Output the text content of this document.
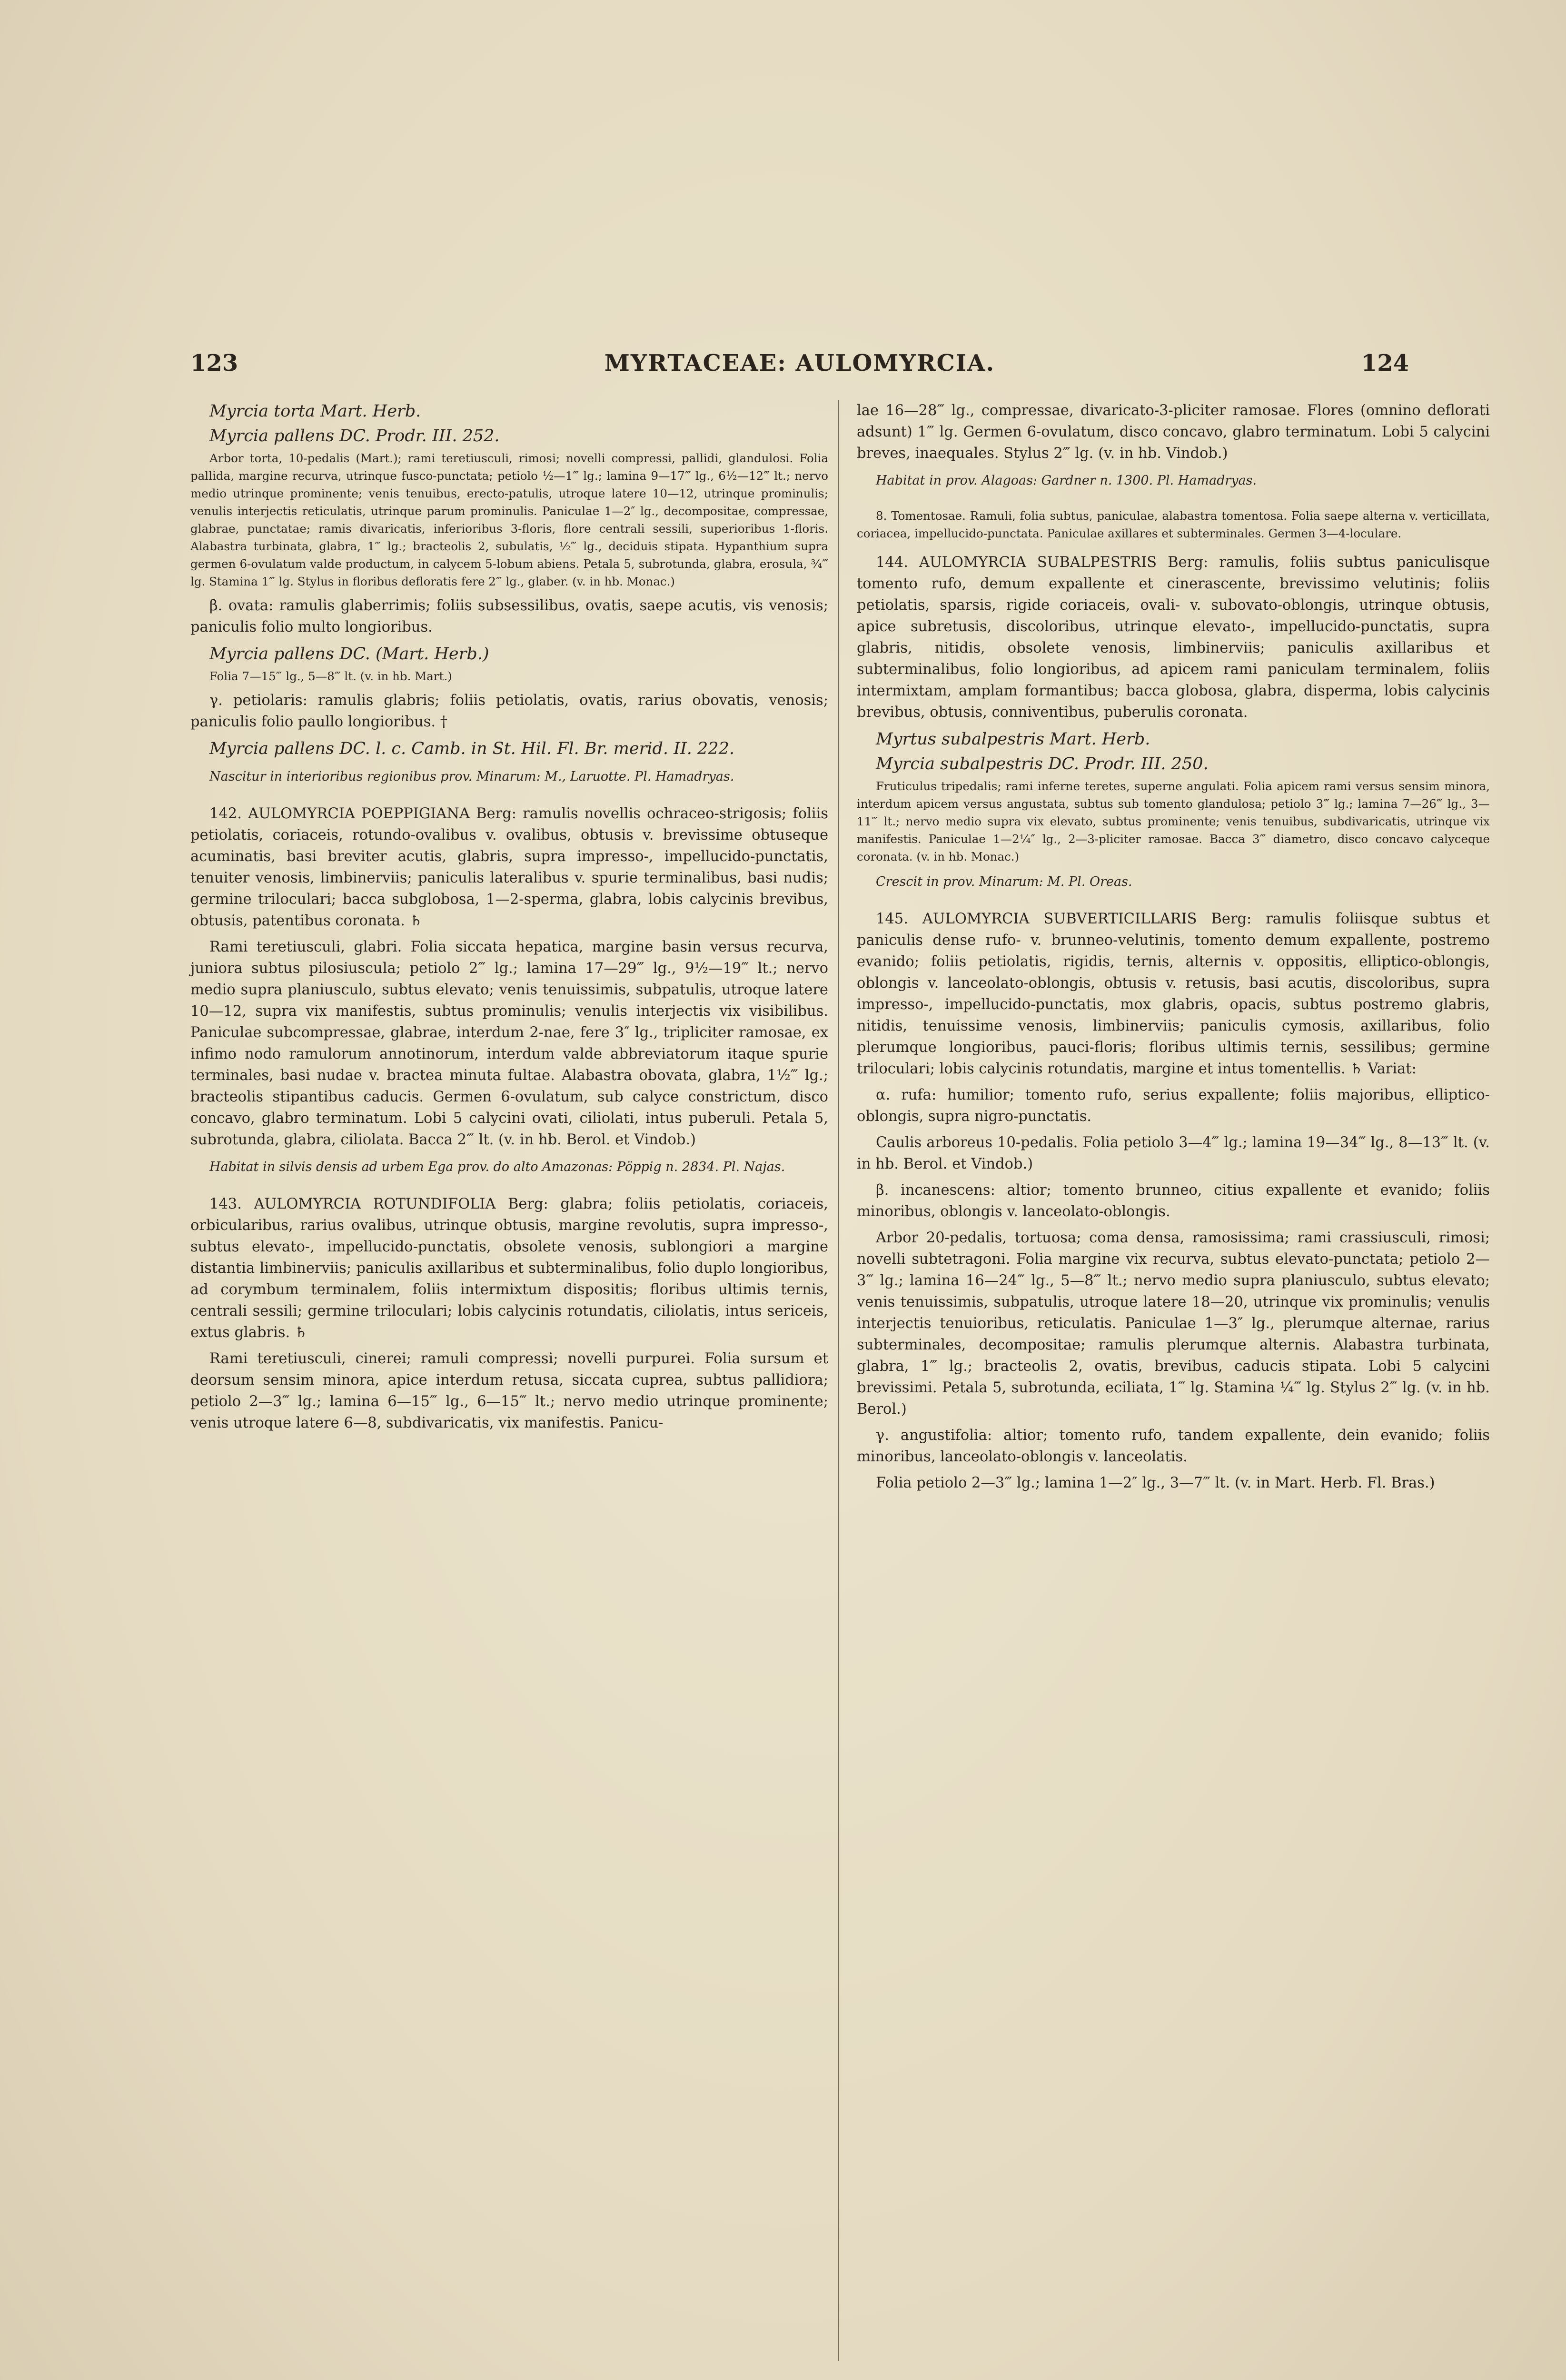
123	MYRTACEAE: AULOMYRCIA.	124

Myrcia torta Mart. Herb.

Myrcia pallens DC. Prodr. III. 252.

Arbor torta, 10-pedalis (Mart.); rami teretiusculi, rimosi; novelli compressi, pallidi, glandulosi. Folia pallida, margine recurva, utrinque fusco-punctata; petiolo ½—1‴ lg.; lamina 9—17‴ lg., 6½—12‴ lt.; nervo medio utrinque prominente; venis tenuibus, erecto-patulis, utroque latere 10—12, utrinque prominulis; venulis interjectis reticulatis, utrinque parum prominulis. Paniculae 1—2″ lg., decompositae, compressae, glabrae, punctatae; ramis divaricatis, inferioribus 3-floris, flore centrali sessili, superioribus 1-floris. Alabastra turbinata, glabra, 1‴ lg.; bracteolis 2, subulatis, ½‴ lg., deciduis stipata. Hypanthium supra germen 6-ovulatum valde productum, in calycem 5-lobum abiens. Petala 5, subrotunda, glabra, erosula, ¾‴ lg. Stamina 1‴ lg. Stylus in floribus defloratis fere 2‴ lg., glaber. (v. in hb. Monac.)

β. ovata: ramulis glaberrimis; foliis subsessilibus, ovatis, saepe acutis, vis venosis; paniculis folio multo longioribus.

Myrcia pallens DC. (Mart. Herb.)

Folia 7—15‴ lg., 5—8‴ lt. (v. in hb. Mart.)

γ. petiolaris: ramulis glabris; foliis petiolatis, ovatis, rarius obovatis, venosis; paniculis folio paullo longioribus. †

Myrcia pallens DC. l. c. Camb. in St. Hil. Fl. Br. merid. II. 222.

Nascitur in interioribus regionibus prov. Minarum: M., Laruotte. Pl. Hamadryas.

142. AULOMYRCIA POEPPIGIANA Berg: ramulis novellis ochraceo-strigosis; foliis petiolatis, coriaceis, rotundo-ovalibus v. ovalibus, obtusis v. brevissime obtuseque acuminatis, basi breviter acutis, glabris, supra impresso-, impellucido-punctatis, tenuiter venosis, limbinerviis; paniculis lateralibus v. spurie terminalibus, basi nudis; germine triloculari; bacca subglobosa, 1—2-sperma, glabra, lobis calycinis brevibus, obtusis, patentibus coronata. ♄

Rami teretiusculi, glabri. Folia siccata hepatica, margine basin versus recurva, juniora subtus pilosiuscula; petiolo 2‴ lg.; lamina 17—29‴ lg., 9½—19‴ lt.; nervo medio supra planiusculo, subtus elevato; venis tenuissimis, subpatulis, utroque latere 10—12, supra vix manifestis, subtus prominulis; venulis interjectis vix visibilibus. Paniculae subcompressae, glabrae, interdum 2-nae, fere 3″ lg., tripliciter ramosae, ex infimo nodo ramulorum annotinorum, interdum valde abbreviatorum itaque spurie terminales, basi nudae v. bractea minuta fultae. Alabastra obovata, glabra, 1½‴ lg.; bracteolis stipantibus caducis. Germen 6-ovulatum, sub calyce constrictum, disco concavo, glabro terminatum. Lobi 5 calycini ovati, ciliolati, intus puberuli. Petala 5, subrotunda, glabra, ciliolata. Bacca 2‴ lt. (v. in hb. Berol. et Vindob.)

Habitat in silvis densis ad urbem Ega prov. do alto Amazonas: Pöppig n. 2834. Pl. Najas.

143. AULOMYRCIA ROTUNDIFOLIA Berg: glabra; foliis petiolatis, coriaceis, orbicularibus, rarius ovalibus, utrinque obtusis, margine revolutis, supra impresso-, subtus elevato-, impellucido-punctatis, obsolete venosis, sublongiori a margine distantia limbinerviis; paniculis axillaribus et subterminalibus, folio duplo longioribus, ad corymbum terminalem, foliis intermixtum dispositis; floribus ultimis ternis, centrali sessili; germine triloculari; lobis calycinis rotundatis, ciliolatis, intus sericeis, extus glabris. ♄

Rami teretiusculi, cinerei; ramuli compressi; novelli purpurei. Folia sursum et deorsum sensim minora, apice interdum retusa, siccata cuprea, subtus pallidiora; petiolo 2—3‴ lg.; lamina 6—15‴ lg., 6—15‴ lt.; nervo medio utrinque prominente; venis utroque latere 6—8, subdivaricatis, vix manifestis. Panicu-

lae 16—28‴ lg., compressae, divaricato-3-pliciter ramosae. Flores (omnino deflorati adsunt) 1‴ lg. Germen 6-ovulatum, disco concavo, glabro terminatum. Lobi 5 calycini breves, inaequales. Stylus 2‴ lg. (v. in hb. Vindob.)

Habitat in prov. Alagoas: Gardner n. 1300. Pl. Hamadryas.

8. Tomentosae. Ramuli, folia subtus, paniculae, alabastra tomentosa. Folia saepe alterna v. verticillata, coriacea, impellucido-punctata. Paniculae axillares et subterminales. Germen 3—4-loculare.

144. AULOMYRCIA SUBALPESTRIS Berg: ramulis, foliis subtus paniculisque tomento rufo, demum expallente et cinerascente, brevissimo velutinis; foliis petiolatis, sparsis, rigide coriaceis, ovali- v. subovato-oblongis, utrinque obtusis, apice subretusis, discoloribus, utrinque elevato-, impellucido-punctatis, supra glabris, nitidis, obsolete venosis, limbinerviis; paniculis axillaribus et subterminalibus, folio longioribus, ad apicem rami paniculam terminalem, foliis intermixtam, amplam formantibus; bacca globosa, glabra, disperma, lobis calycinis brevibus, obtusis, conniventibus, puberulis coronata.

Myrtus subalpestris Mart. Herb.

Myrcia subalpestris DC. Prodr. III. 250.

Fruticulus tripedalis; rami inferne teretes, superne angulati. Folia apicem rami versus sensim minora, interdum apicem versus angustata, subtus sub tomento glandulosa; petiolo 3‴ lg.; lamina 7—26‴ lg., 3—11‴ lt.; nervo medio supra vix elevato, subtus prominente; venis tenuibus, subdivaricatis, utrinque vix manifestis. Paniculae 1—2¼″ lg., 2—3-pliciter ramosae. Bacca 3‴ diametro, disco concavo calyceque coronata. (v. in hb. Monac.)

Crescit in prov. Minarum: M. Pl. Oreas.

145. AULOMYRCIA SUBVERTICILLARIS Berg: ramulis foliisque subtus et paniculis dense rufo- v. brunneo-velutinis, tomento demum expallente, postremo evanido; foliis petiolatis, rigidis, ternis, alternis v. oppositis, elliptico-oblongis, oblongis v. lanceolato-oblongis, obtusis v. retusis, basi acutis, discoloribus, supra impresso-, impellucido-punctatis, mox glabris, opacis, subtus postremo glabris, nitidis, tenuissime venosis, limbinerviis; paniculis cymosis, axillaribus, folio plerumque longioribus, pauci-floris; floribus ultimis ternis, sessilibus; germine triloculari; lobis calycinis rotundatis, margine et intus tomentellis. ♄ Variat:

α. rufa: humilior; tomento rufo, serius expallente; foliis majoribus, elliptico-oblongis, supra nigro-punctatis.

Caulis arboreus 10-pedalis. Folia petiolo 3—4‴ lg.; lamina 19—34‴ lg., 8—13‴ lt. (v. in hb. Berol. et Vindob.)

β. incanescens: altior; tomento brunneo, citius expallente et evanido; foliis minoribus, oblongis v. lanceolato-oblongis.

Arbor 20-pedalis, tortuosa; coma densa, ramosissima; rami crassiusculi, rimosi; novelli subtetragoni. Folia margine vix recurva, subtus elevato-punctata; petiolo 2—3‴ lg.; lamina 16—24‴ lg., 5—8‴ lt.; nervo medio supra planiusculo, subtus elevato; venis tenuissimis, subpatulis, utroque latere 18—20, utrinque vix prominulis; venulis interjectis tenuioribus, reticulatis. Paniculae 1—3″ lg., plerumque alternae, rarius subterminales, decompositae; ramulis plerumque alternis. Alabastra turbinata, glabra, 1‴ lg.; bracteolis 2, ovatis, brevibus, caducis stipata. Lobi 5 calycini brevissimi. Petala 5, subrotunda, eciliata, 1‴ lg. Stamina ¼‴ lg. Stylus 2‴ lg. (v. in hb. Berol.)

γ. angustifolia: altior; tomento rufo, tandem expallente, dein evanido; foliis minoribus, lanceolato-oblongis v. lanceolatis.

Folia petiolo 2—3‴ lg.; lamina 1—2″ lg., 3—7‴ lt. (v. in Mart. Herb. Fl. Bras.)
